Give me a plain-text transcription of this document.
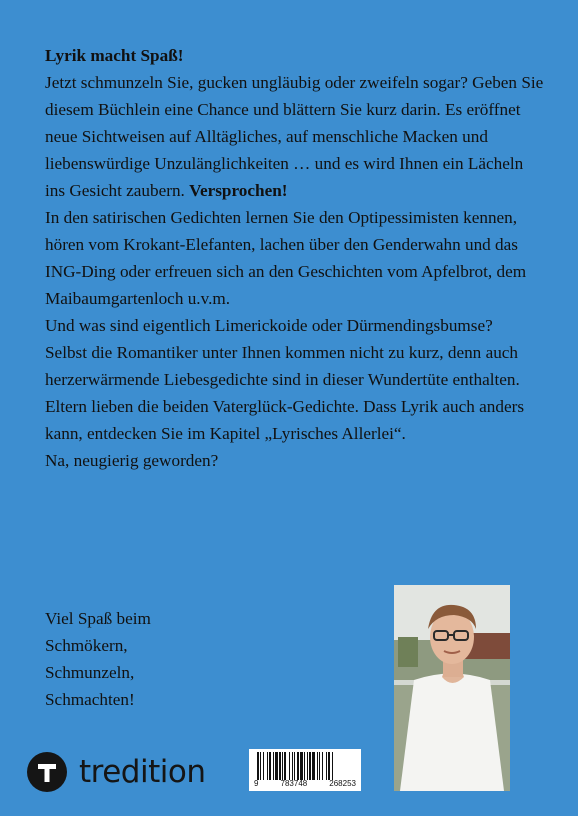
Lyrik macht Spaß!

Jetzt schmunzeln Sie, gucken ungläubig oder zweifeln sogar? Geben Sie diesem Büchlein eine Chance und blättern Sie kurz darin. Es eröffnet neue Sichtweisen auf Alltägliches, auf menschliche Macken und liebenswürdige Unzulänglichkeiten … und es wird Ihnen ein Lächeln ins Gesicht zaubern. Versprochen!

In den satirischen Gedichten lernen Sie den Optipessimisten kennen, hören vom Krokant-Elefanten, lachen über den Genderwahn und das ING-Ding oder erfreuen sich an den Geschichten vom Apfelbrot, dem Maibaumgartenloch u.v.m.

Und was sind eigentlich Limerickoide oder Dürmendingsbumse?

Selbst die Romantiker unter Ihnen kommen nicht zu kurz, denn auch herzerwärmende Liebesgedichte sind in dieser Wundertüte enthalten. Eltern lieben die beiden Vaterglück-Gedichte. Dass Lyrik auch anders kann, entdecken Sie im Kapitel „Lyrisches Allerlei“.

Na, neugierig geworden?

Viel Spaß beim

Schmökern,

Schmunzeln,

Schmachten!

tredition	9	783748	268253
